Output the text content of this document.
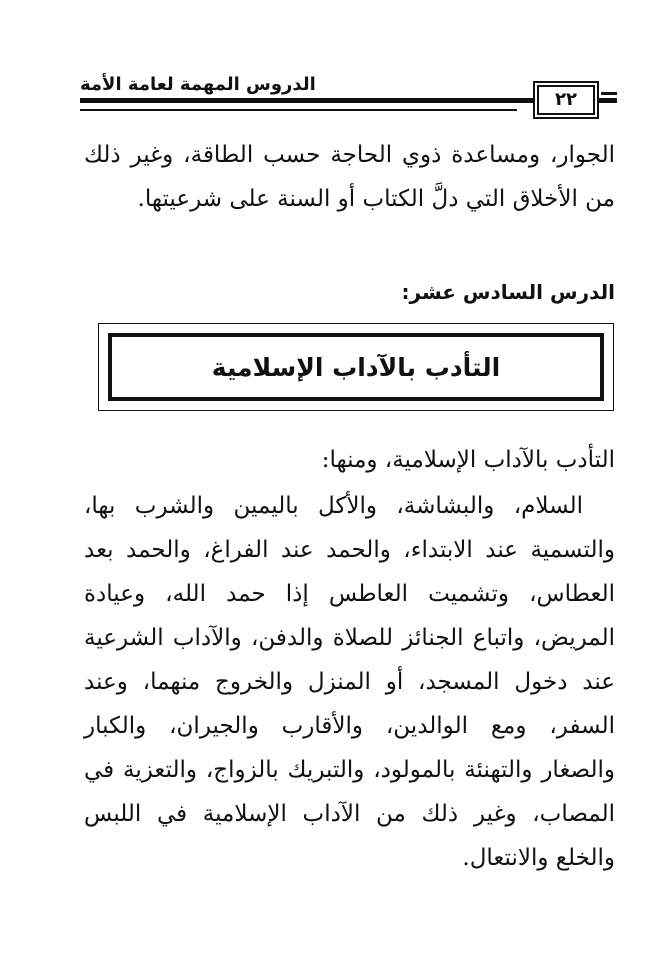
الدروس المهمة لعامة الأمة
٢٢
الجوار، ومساعدة ذوي الحاجة حسب الطاقة، وغير ذلك من الأخلاق التي دلَّ الكتاب أو السنة على شرعيتها.
الدرس السادس عشر:
التأدب بالآداب الإسلامية
التأدب بالآداب الإسلامية، ومنها:
السلام، والبشاشة، والأكل باليمين والشرب بها، والتسمية عند الابتداء، والحمد عند الفراغ، والحمد بعد العطاس، وتشميت العاطس إذا حمد الله، وعيادة المريض، واتباع الجنائز للصلاة والدفن، والآداب الشرعية عند دخول المسجد، أو المنزل والخروج منهما، وعند السفر، ومع الوالدين، والأقارب والجيران، والكبار والصغار والتهنئة بالمولود، والتبريك بالزواج، والتعزية في المصاب، وغير ذلك من الآداب الإسلامية في اللبس والخلع والانتعال.
